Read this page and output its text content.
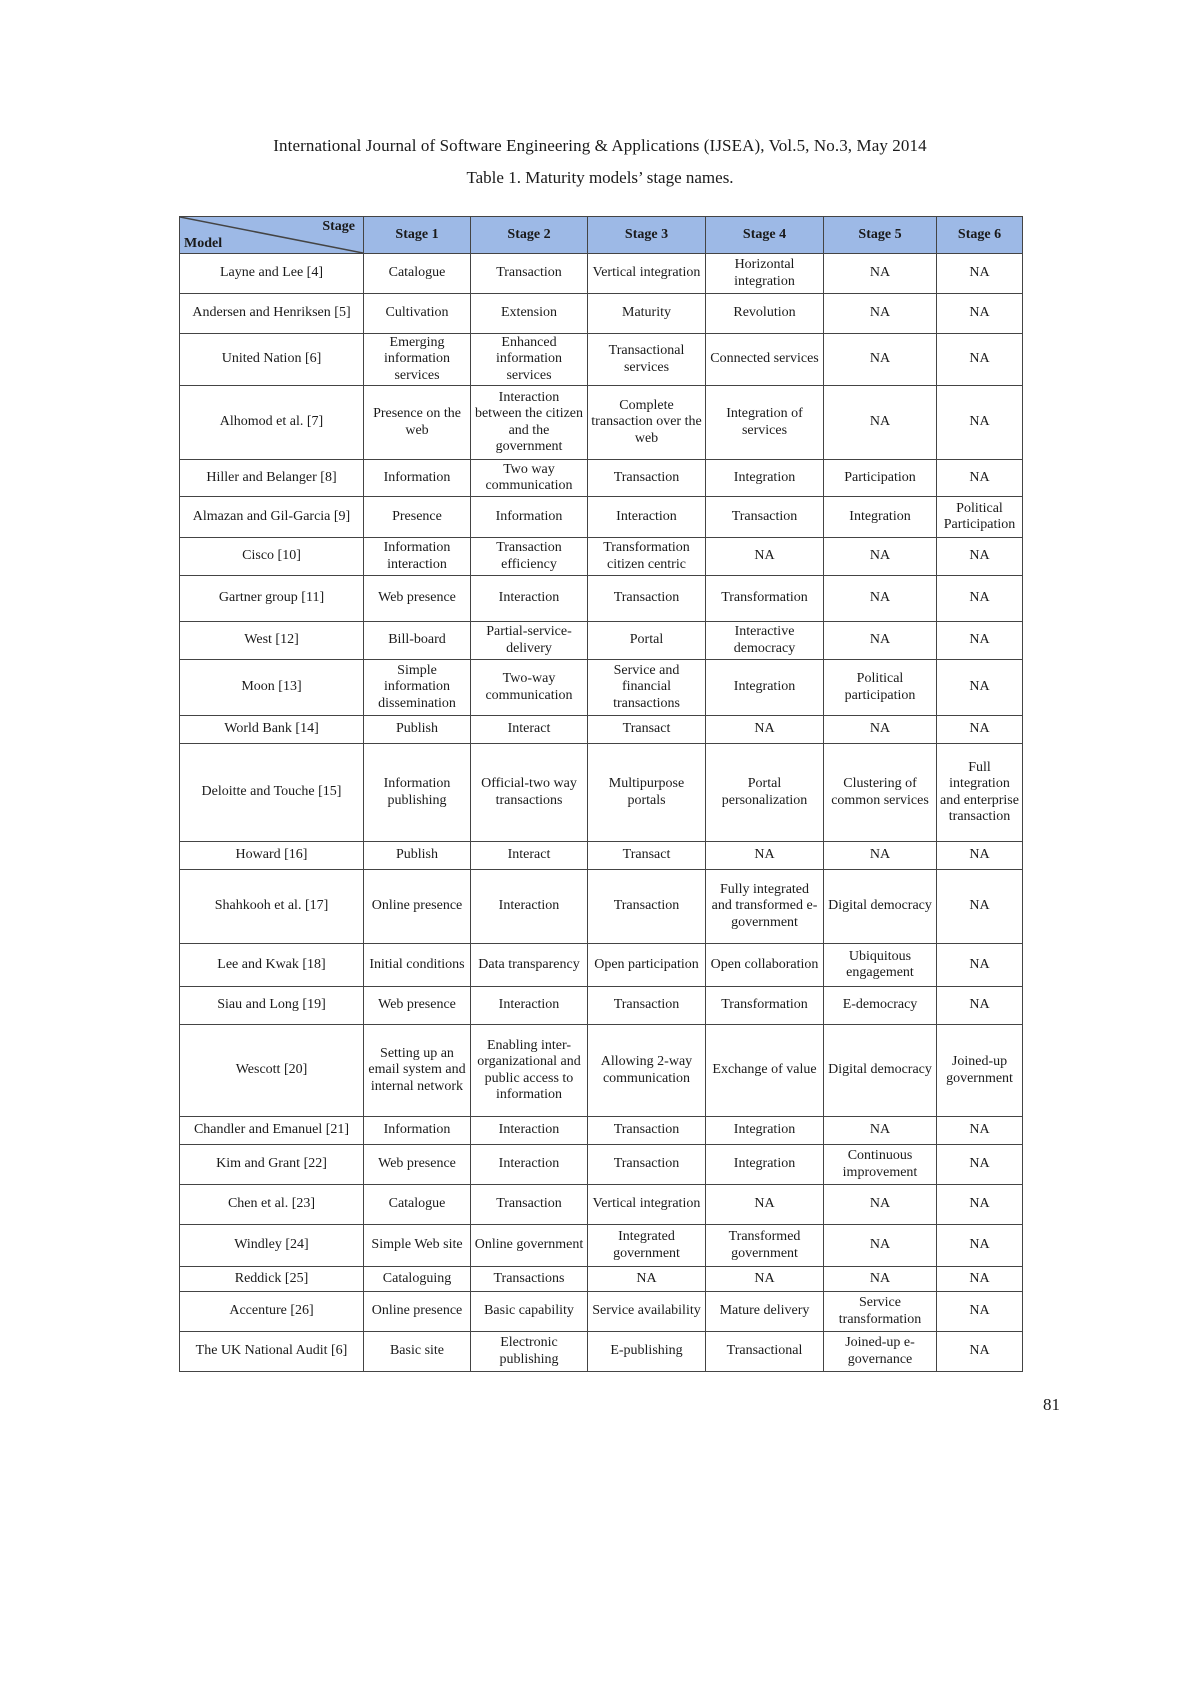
International Journal of Software Engineering & Applications (IJSEA), Vol.5, No.3, May 2014
Table 1. Maturity models’ stage names.
Stage
Model	Stage 1	Stage 2	Stage 3	Stage 4	Stage 5	Stage 6
Layne and Lee [4]	Catalogue	Transaction	Vertical integration	Horizontal integration	NA	NA
Andersen and Henriksen [5]	Cultivation	Extension	Maturity	Revolution	NA	NA
United Nation [6]	Emerging information services	Enhanced information services	Transactional services	Connected services	NA	NA
Alhomod et al. [7]	Presence on the web	Interaction between the citizen and the government	Complete transaction over the web	Integration of services	NA	NA
Hiller and Belanger [8]	Information	Two way communication	Transaction	Integration	Participation	NA
Almazan and Gil-Garcia [9]	Presence	Information	Interaction	Transaction	Integration	Political Participation
Cisco [10]	Information interaction	Transaction efficiency	Transformation citizen centric	NA	NA	NA
Gartner group [11]	Web presence	Interaction	Transaction	Transformation	NA	NA
West [12]	Bill-board	Partial-service-delivery	Portal	Interactive democracy	NA	NA
Moon [13]	Simple information dissemination	Two-way communication	Service and financial transactions	Integration	Political participation	NA
World Bank [14]	Publish	Interact	Transact	NA	NA	NA
Deloitte and Touche [15]	Information publishing	Official-two way transactions	Multipurpose portals	Portal personalization	Clustering of common services	Full integration and enterprise transaction
Howard [16]	Publish	Interact	Transact	NA	NA	NA
Shahkooh et al. [17]	Online presence	Interaction	Transaction	Fully integrated and transformed e-government	Digital democracy	NA
Lee and Kwak [18]	Initial conditions	Data transparency	Open participation	Open collaboration	Ubiquitous engagement	NA
Siau and Long [19]	Web presence	Interaction	Transaction	Transformation	E-democracy	NA
Wescott [20]	Setting up an email system and internal network	Enabling inter-organizational and public access to information	Allowing 2-way communication	Exchange of value	Digital democracy	Joined-up government
Chandler and Emanuel [21]	Information	Interaction	Transaction	Integration	NA	NA
Kim and Grant [22]	Web presence	Interaction	Transaction	Integration	Continuous improvement	NA
Chen et al. [23]	Catalogue	Transaction	Vertical integration	NA	NA	NA
Windley [24]	Simple Web site	Online government	Integrated government	Transformed government	NA	NA
Reddick [25]	Cataloguing	Transactions	NA	NA	NA	NA
Accenture [26]	Online presence	Basic capability	Service availability	Mature delivery	Service transformation	NA
The UK National Audit [6]	Basic site	Electronic publishing	E-publishing	Transactional	Joined-up e-governance	NA
81
